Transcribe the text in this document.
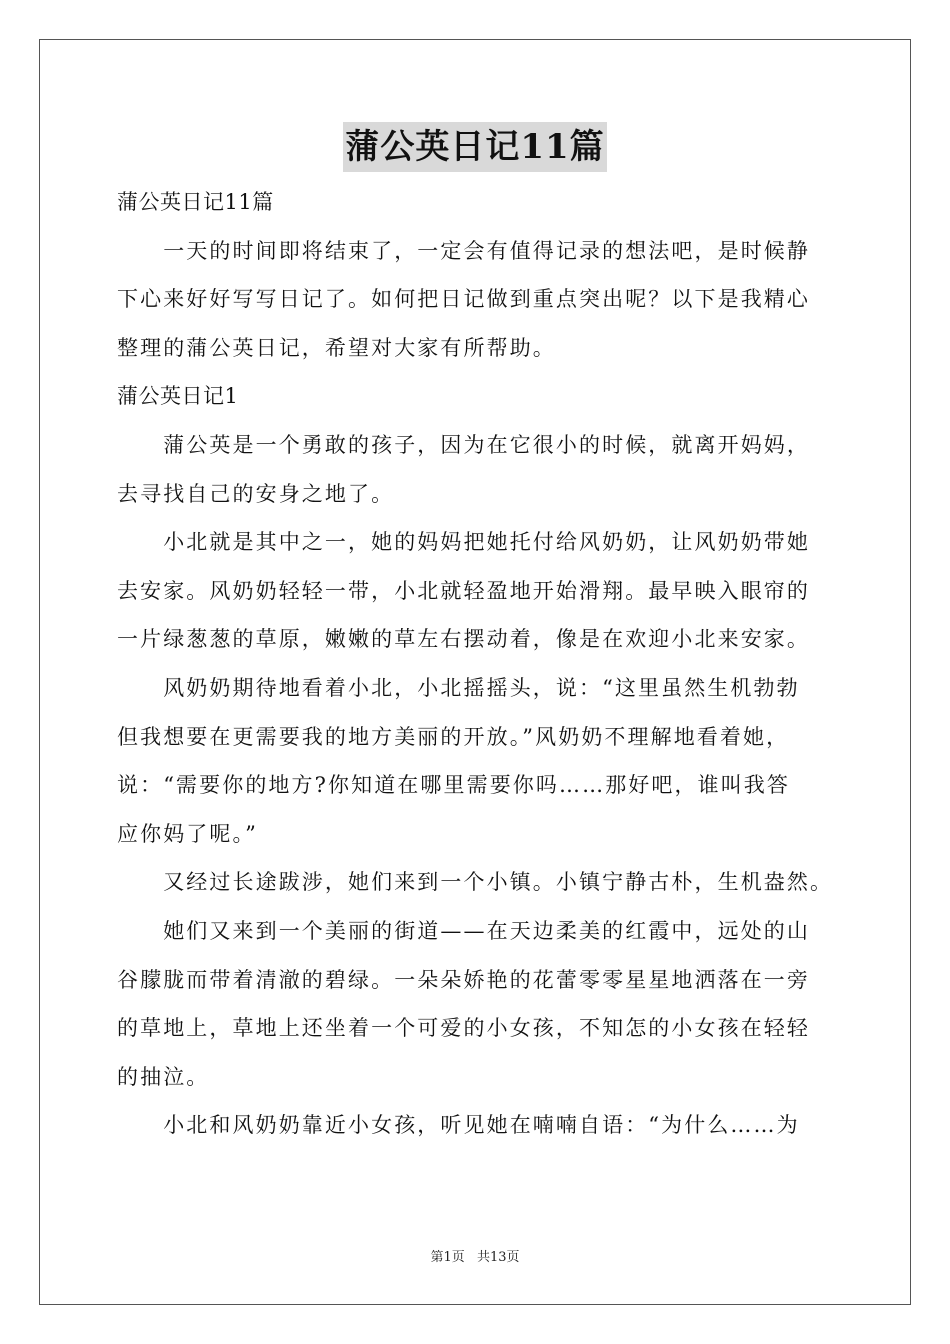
蒲公英日记11篇
蒲公英日记11篇
　　一天的时间即将结束了，一定会有值得记录的想法吧，是时候静
下心来好好写写日记了。如何把日记做到重点突出呢？以下是我精心
整理的蒲公英日记，希望对大家有所帮助。
蒲公英日记1
　　蒲公英是一个勇敢的孩子，因为在它很小的时候，就离开妈妈，
去寻找自己的安身之地了。
　　小北就是其中之一，她的妈妈把她托付给风奶奶，让风奶奶带她
去安家。风奶奶轻轻一带，小北就轻盈地开始滑翔。最早映入眼帘的
一片绿葱葱的草原，嫩嫩的草左右摆动着，像是在欢迎小北来安家。
　　风奶奶期待地看着小北，小北摇摇头，说：“这里虽然生机勃勃
但我想要在更需要我的地方美丽的开放。”风奶奶不理解地看着她，
说：“需要你的地方?你知道在哪里需要你吗……那好吧，谁叫我答
应你妈了呢。”
　　又经过长途跋涉，她们来到一个小镇。小镇宁静古朴，生机盎然。
　　她们又来到一个美丽的街道——在天边柔美的红霞中，远处的山
谷朦胧而带着清澈的碧绿。一朵朵娇艳的花蕾零零星星地洒落在一旁
的草地上，草地上还坐着一个可爱的小女孩，不知怎的小女孩在轻轻
的抽泣。
　　小北和风奶奶靠近小女孩，听见她在喃喃自语：“为什么……为
第1页 共13页
